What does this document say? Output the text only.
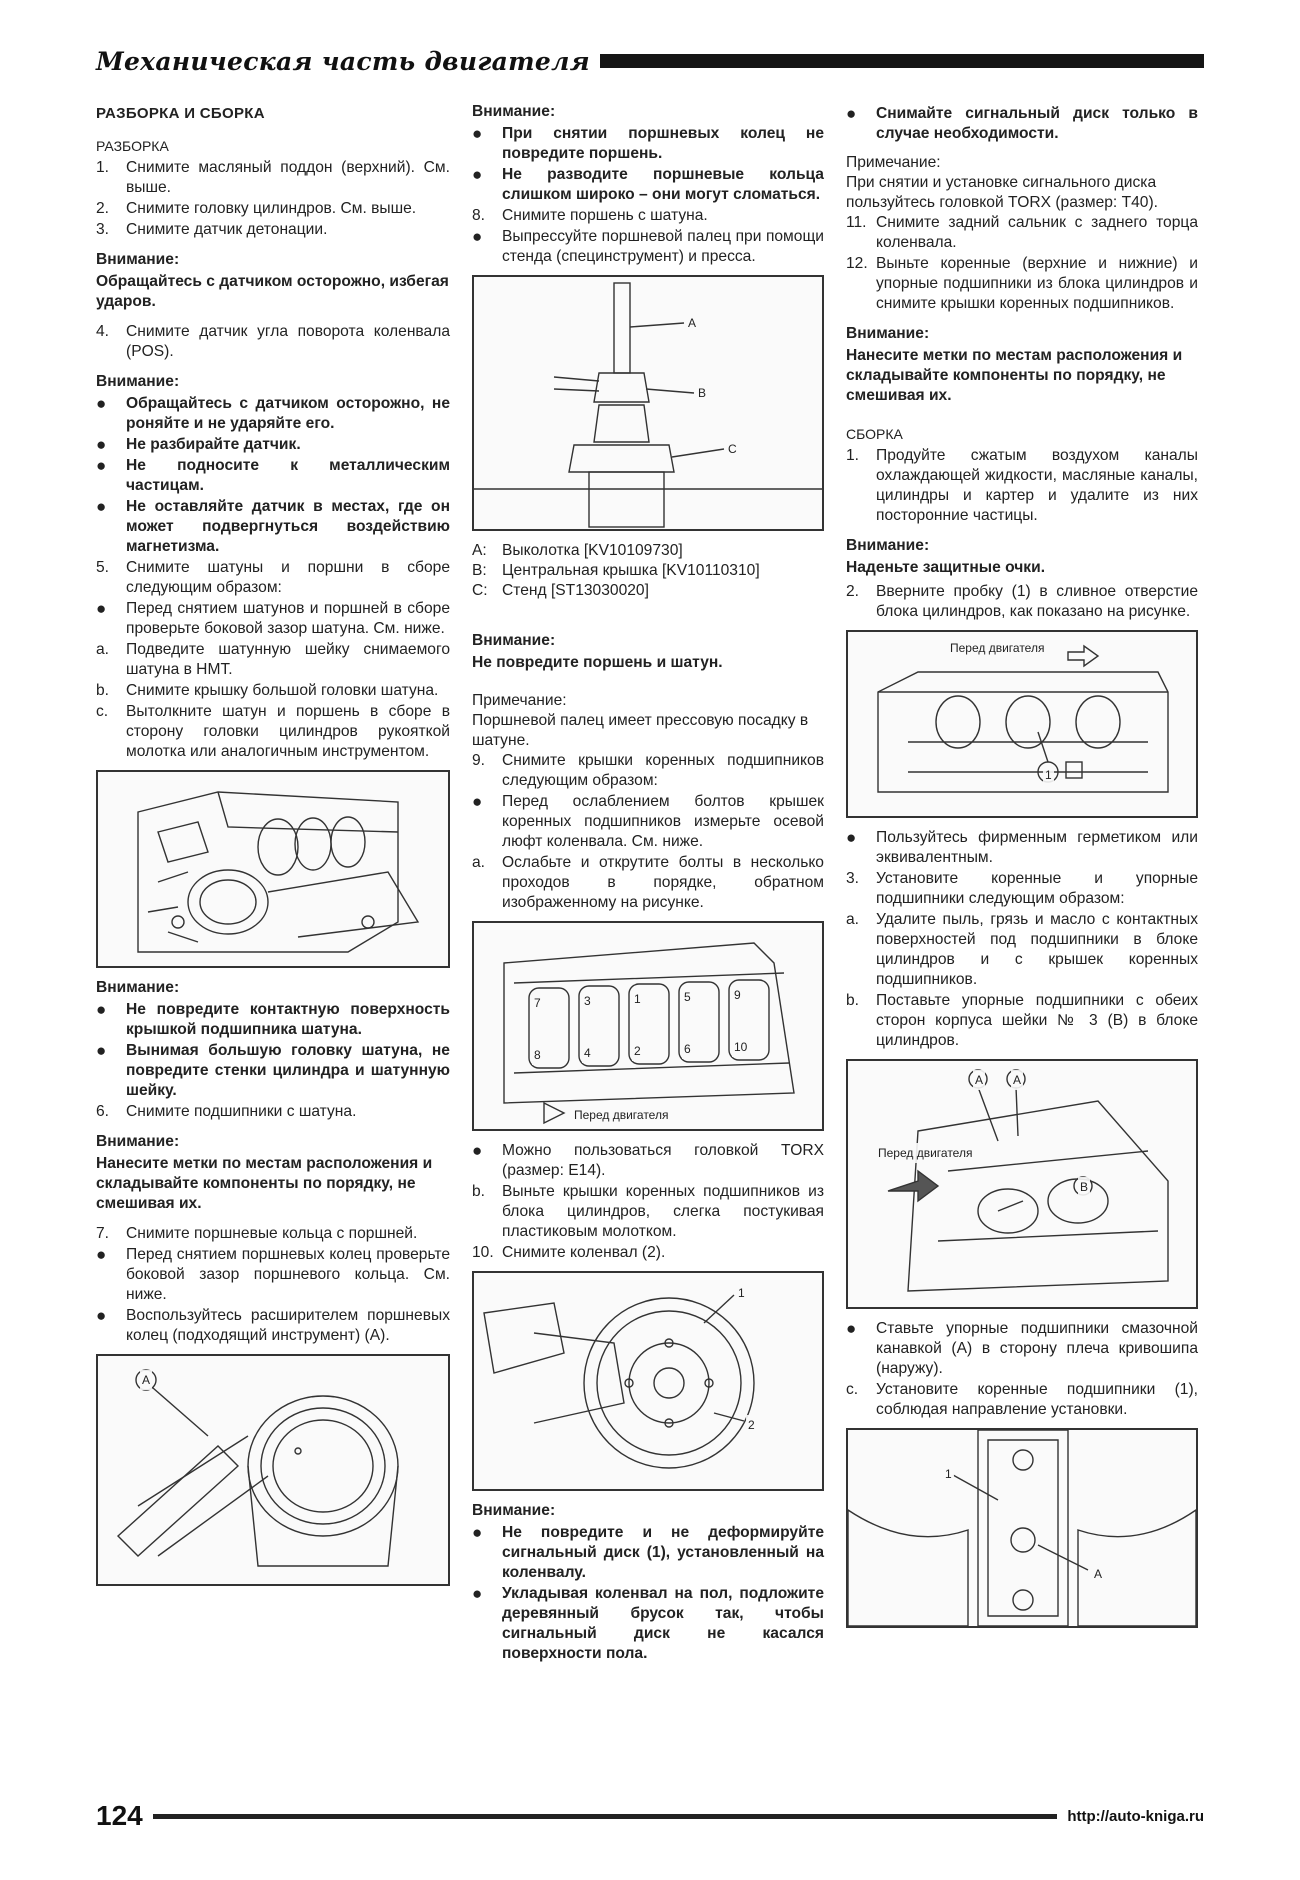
Механическая часть двигателя

РАЗБОРКА И СБОРКА

РАЗБОРКА

1.	Снимите масляный поддон (верхний). См. выше.
2.	Снимите головку цилиндров. См. выше.
3.	Снимите датчик детонации.

Внимание:

Обращайтесь с датчиком осторожно, избегая ударов.

4.	Снимите датчик угла поворота коленвала (POS).

Внимание:

●	Обращайтесь с датчиком осторожно, не роняйте и не ударяйте его.
●	Не разбирайте датчик.
●	Не подносите к металлическим частицам.
●	Не оставляйте датчик в местах, где он может подвергнуться воздействию магнетизма.
5.	Снимите шатуны и поршни в сборе следующим образом:
●	Перед снятием шатунов и поршней в сборе проверьте боковой зазор шатуна. См. ниже.
a.	Подведите шатунную шейку снимаемого шатуна в НМТ.
b.	Снимите крышку большой головки шатуна.
c.	Вытолкните шатун и поршень в сборе в сторону головки цилиндров рукояткой молотка или аналогичным инструментом.

Внимание:

●	Не повредите контактную поверхность крышкой подшипника шатуна.
●	Вынимая большую головку шатуна, не повредите стенки цилиндра и шатунную шейку.
6.	Снимите подшипники с шатуна.

Внимание:

Нанесите метки по местам расположения и складывайте компоненты по порядку, не смешивая их.

7.	Снимите поршневые кольца с поршней.
●	Перед снятием поршневых колец проверьте боковой зазор поршневого кольца. См. ниже.
●	Воспользуйтесь расширителем поршневых колец (подходящий инструмент) (А).
A

Внимание:

●	При снятии поршневых колец не повредите поршень.
●	Не разводите поршневые кольца слишком широко – они могут сломаться.
8.	Снимите поршень с шатуна.
●	Выпрессуйте поршневой палец при помощи стенда (специнструмент) и пресса.
A
B
C
A: Выколотка [KV10109730]
B: Центральная крышка [KV10110310]
C: Стенд [ST13030020]

Внимание:

Не повредите поршень и шатун.

Примечание:

Поршневой палец имеет прессовую посадку в шатуне.

9.	Снимите крышки коренных подшипников следующим образом:
●	Перед ослаблением болтов крышек коренных подшипников измерьте осевой люфт коленвала. См. ниже.
a.	Ослабьте и открутите болты в несколько проходов в порядке, обратном изображенному на рисунке.
7	3	1	5	9
8	4	2	6	10
Перед двигателя
●	Можно пользоваться головкой TORX (размер: E14).
b.	Выньте крышки коренных подшипников из блока цилиндров, слегка постукивая пластиковым молотком.
10. Снимите коленвал (2).
1
2

Внимание:

●	Не повредите и не деформируйте сигнальный диск (1), установленный на коленвалу.
●	Укладывая коленвал на пол, подложите деревянный брусок так, чтобы сигнальный диск не касался поверхности пола.
●	Снимайте сигнальный диск только в случае необходимости.

Примечание:

При снятии и установке сигнального диска пользуйтесь головкой TORX (размер: T40).

11. Снимите задний сальник с заднего торца коленвала.
12. Выньте коренные (верхние и нижние) и упорные подшипники из блока цилиндров и снимите крышки коренных подшипников.

Внимание:

Нанесите метки по местам расположения и складывайте компоненты по порядку, не смешивая их.

СБОРКА

1.	Продуйте сжатым воздухом каналы охлаждающей жидкости, масляные каналы, цилиндры и картер и удалите из них посторонние частицы.

Внимание:

Наденьте защитные очки.

2.	Вверните пробку (1) в сливное отверстие блока цилиндров, как показано на рисунке.
Перед двигателя
1
●	Пользуйтесь фирменным герметиком или эквивалентным.
3.	Установите коренные и упорные подшипники следующим образом:
a.	Удалите пыль, грязь и масло с контактных поверхностей под подшипники в блоке цилиндров и с крышек коренных подшипников.
b.	Поставьте упорные подшипники с обеих сторон корпуса шейки № 3 (B) в блоке цилиндров.
A A
B
Перед двигателя
●	Ставьте упорные подшипники смазочной канавкой (А) в сторону плеча кривошипа (наружу).
c.	Установите коренные подшипники (1), соблюдая направление установки.
1
A
124	http://auto-kniga.ru
